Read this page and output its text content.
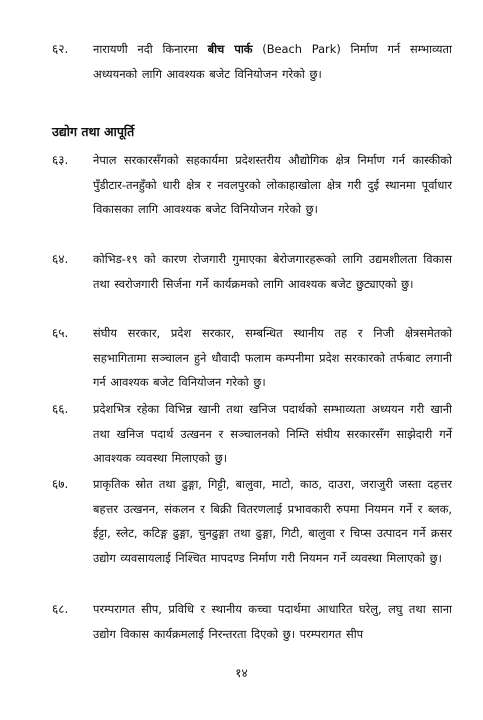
६२. नारायणी नदी किनारमा बीच पार्क (Beach Park) निर्माण गर्न सम्भाव्यता अध्ययनको लागि आवश्यक बजेट विनियोजन गरेको छु।
उद्योग तथा आपूर्ति
६३. नेपाल सरकारसँगको सहकार्यमा प्रदेशस्तरीय औद्योगिक क्षेत्र निर्माण गर्न कास्कीको पुँडीटार-तनहुँको धारी क्षेत्र र नवलपुरको लोकाहाखोला क्षेत्र गरी दुई स्थानमा पूर्वाधार विकासका लागि आवश्यक बजेट विनियोजन गरेको छु।
६४. कोभिड-१९ को कारण रोजगारी गुमाएका बेरोजगारहरूको लागि उद्यमशीलता विकास तथा स्वरोजगारी सिर्जना गर्ने कार्यक्रमको लागि आवश्यक बजेट छुट्याएको छु।
६५. संघीय सरकार, प्रदेश सरकार, सम्बन्धित स्थानीय तह र निजी क्षेत्रसमेतको सहभागितामा सञ्चालन हुने धौवादी फलाम कम्पनीमा प्रदेश सरकारको तर्फबाट लगानी गर्न आवश्यक बजेट विनियोजन गरेको छु।
६६. प्रदेशभित्र रहेका विभिन्न खानी तथा खनिज पदार्थको सम्भाव्यता अध्ययन गरी खानी तथा खनिज पदार्थ उत्खनन र सञ्चालनको निम्ति संघीय सरकारसँग साझेदारी गर्ने आवश्यक व्यवस्था मिलाएको छु।
६७. प्राकृतिक स्रोत तथा ढुङ्गा, गिट्टी, बालुवा, माटो, काठ, दाउरा, जराजुरी जस्ता दहत्तर बहत्तर उत्खनन, संकलन र बिक्री वितरणलाई प्रभावकारी रुपमा नियमन गर्ने र ब्लक, ईट्टा, स्लेट, कटिङ्ग ढुङ्गा, चुनढुङ्गा तथा ढुङ्गा, गिटी, बालुवा र चिप्स उत्पादन गर्ने क्रसर उद्योग व्यवसायलाई निश्चित मापदण्ड निर्माण गरी नियमन गर्ने व्यवस्था मिलाएको छु।
६८. परम्परागत सीप, प्रविधि र स्थानीय कच्चा पदार्थमा आधारित घरेलु, लघु तथा साना उद्योग विकास कार्यक्रमलाई निरन्तरता दिएको छु। परम्परागत सीप
१४
